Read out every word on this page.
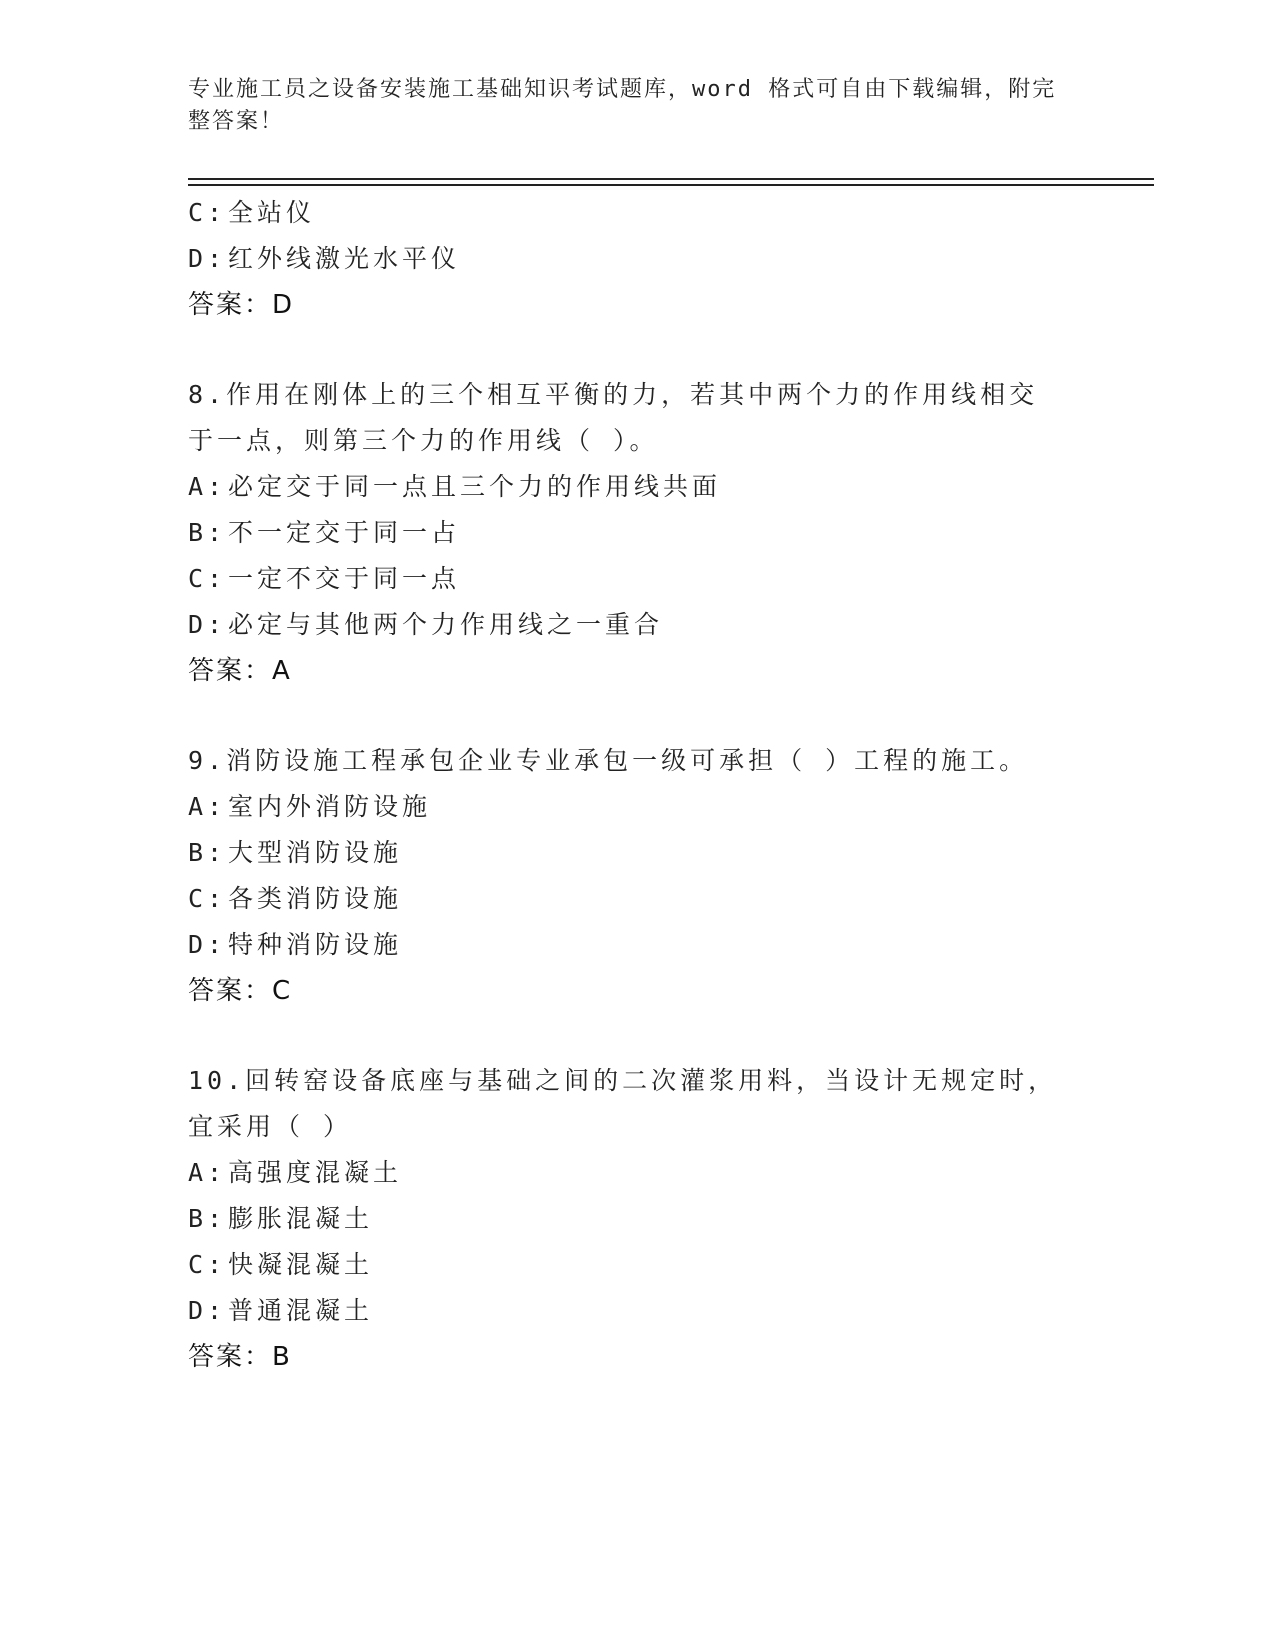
专业施工员之设备安装施工基础知识考试题库，word 格式可自由下载编辑，附完整答案！
C:全站仪
D:红外线激光水平仪
答案：D
8.作用在刚体上的三个相互平衡的力，若其中两个力的作用线相交于一点，则第三个力的作用线（ ）。
A:必定交于同一点且三个力的作用线共面
B:不一定交于同一占
C:一定不交于同一点
D:必定与其他两个力作用线之一重合
答案：A
9.消防设施工程承包企业专业承包一级可承担（ ）工程的施工。
A:室内外消防设施
B:大型消防设施
C:各类消防设施
D:特种消防设施
答案：C
10.回转窑设备底座与基础之间的二次灌浆用料，当设计无规定时，宜采用（ ）
A:高强度混凝土
B:膨胀混凝土
C:快凝混凝土
D:普通混凝土
答案：B
